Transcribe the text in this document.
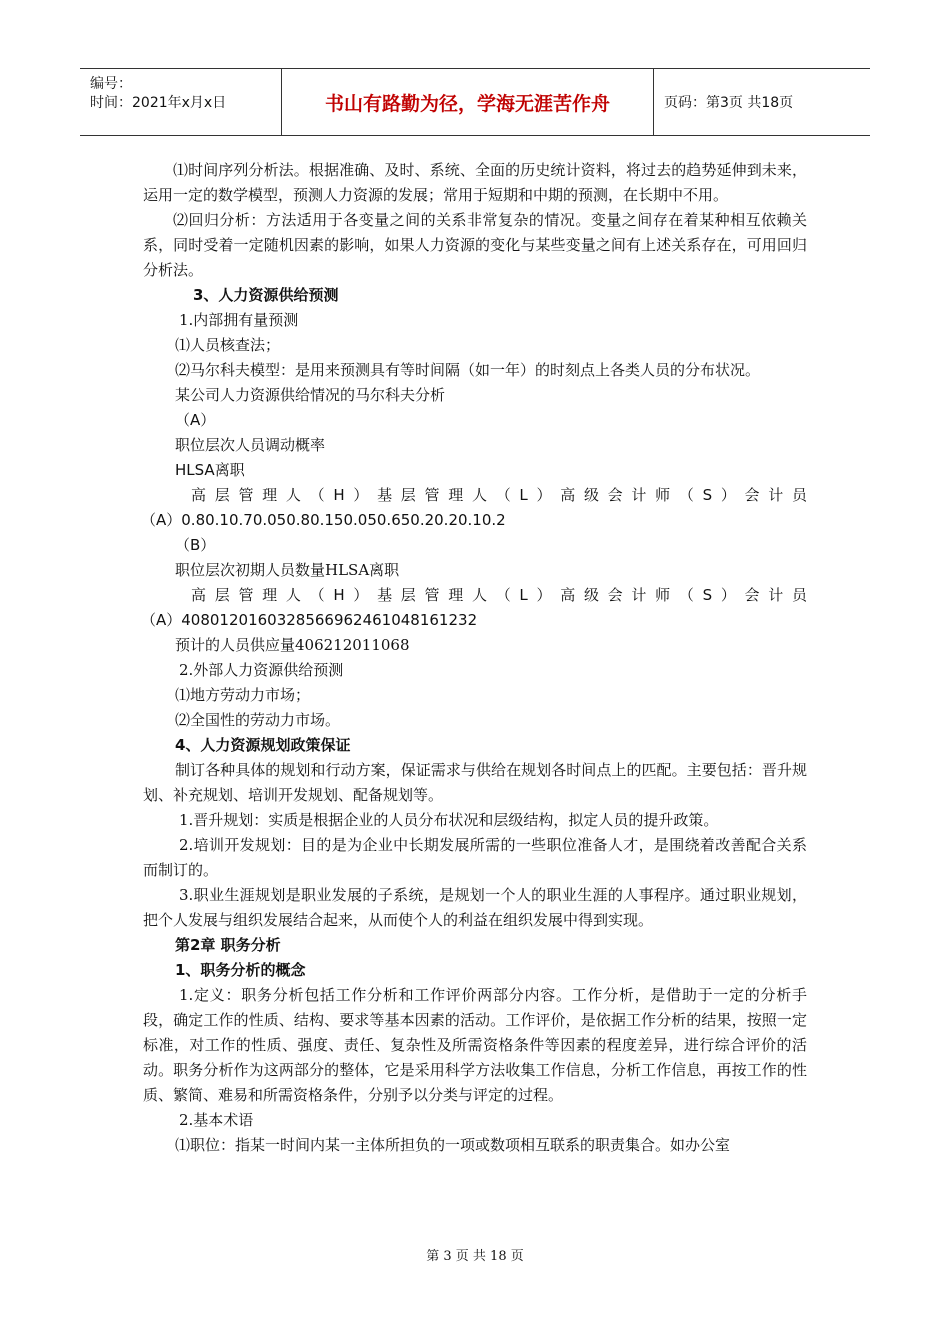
编号：
时间：2021年x月x日	书山有路勤为径，学海无涯苦作舟	页码：第3页 共18页

⑴时间序列分析法。根据准确、及时、系统、全面的历史统计资料，将过去的趋势延伸到未来，运用一定的数学模型，预测人力资源的发展；常用于短期和中期的预测，在长期中不用。

⑵回归分析：方法适用于各变量之间的关系非常复杂的情况。变量之间存在着某种相互依赖关系，同时受着一定随机因素的影响，如果人力资源的变化与某些变量之间有上述关系存在，可用回归分析法。

3、人力资源供给预测

1.内部拥有量预测

⑴人员核查法；

⑵马尔科夫模型：是用来预测具有等时间隔（如一年）的时刻点上各类人员的分布状况。

某公司人力资源供给情况的马尔科夫分析

（A）

职位层次人员调动概率

HLSA离职

高层管理人（H）基层管理人（L）高级会计师（S）会计员

（A）0.80.10.70.050.80.150.050.650.20.20.10.2

（B）

职位层次初期人员数量HLSA离职

高层管理人（H）基层管理人（L）高级会计师（S）会计员

（A）4080120160328566962461048161232

预计的人员供应量406212011068

2.外部人力资源供给预测

⑴地方劳动力市场；

⑵全国性的劳动力市场。

4、人力资源规划政策保证

制订各种具体的规划和行动方案，保证需求与供给在规划各时间点上的匹配。主要包括：晋升规划、补充规划、培训开发规划、配备规划等。

1.晋升规划：实质是根据企业的人员分布状况和层级结构，拟定人员的提升政策。

2.培训开发规划：目的是为企业中长期发展所需的一些职位准备人才，是围绕着改善配合关系而制订的。

3.职业生涯规划是职业发展的子系统，是规划一个人的职业生涯的人事程序。通过职业规划，把个人发展与组织发展结合起来，从而使个人的利益在组织发展中得到实现。

第2章 职务分析

1、职务分析的概念

1.定义：职务分析包括工作分析和工作评价两部分内容。工作分析，是借助于一定的分析手段，确定工作的性质、结构、要求等基本因素的活动。工作评价，是依据工作分析的结果，按照一定标准，对工作的性质、强度、责任、复杂性及所需资格条件等因素的程度差异，进行综合评价的活动。职务分析作为这两部分的整体，它是采用科学方法收集工作信息，分析工作信息，再按工作的性质、繁简、难易和所需资格条件，分别予以分类与评定的过程。

2.基本术语

⑴职位：指某一时间内某一主体所担负的一项或数项相互联系的职责集合。如办公室

第 3 页 共 18 页
